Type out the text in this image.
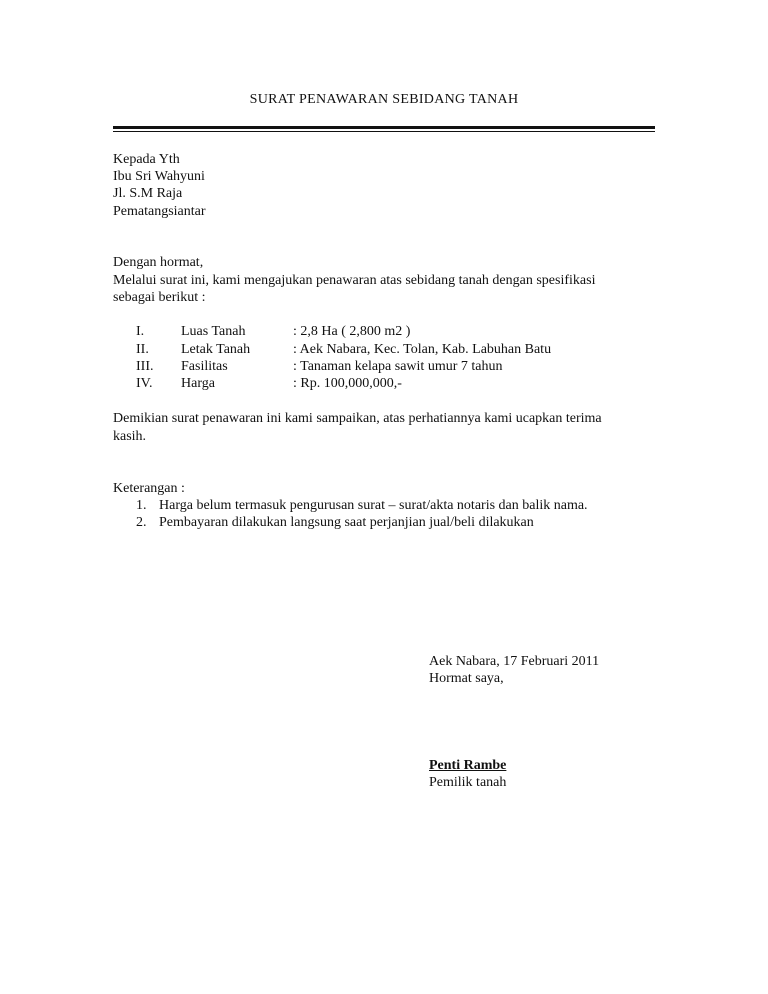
SURAT PENAWARAN SEBIDANG TANAH
Kepada Yth
Ibu Sri Wahyuni
Jl. S.M Raja
Pematangsiantar
Dengan hormat,
Melalui surat ini, kami mengajukan penawaran atas sebidang tanah dengan spesifikasi
sebagai berikut :
I.	Luas Tanah	: 2,8 Ha ( 2,800 m2 )
II. Letak Tanah	: Aek Nabara, Kec. Tolan, Kab. Labuhan Batu
III. Fasilitas	: Tanaman kelapa sawit umur 7 tahun
IV. Harga	: Rp. 100,000,000,-
Demikian surat penawaran ini kami sampaikan, atas perhatiannya kami ucapkan terima
kasih.
Keterangan :
1. Harga belum termasuk pengurusan surat – surat/akta notaris dan balik nama.
2. Pembayaran dilakukan langsung saat perjanjian jual/beli dilakukan
Aek Nabara, 17 Februari 2011
Hormat saya,
Penti Rambe
Pemilik tanah
